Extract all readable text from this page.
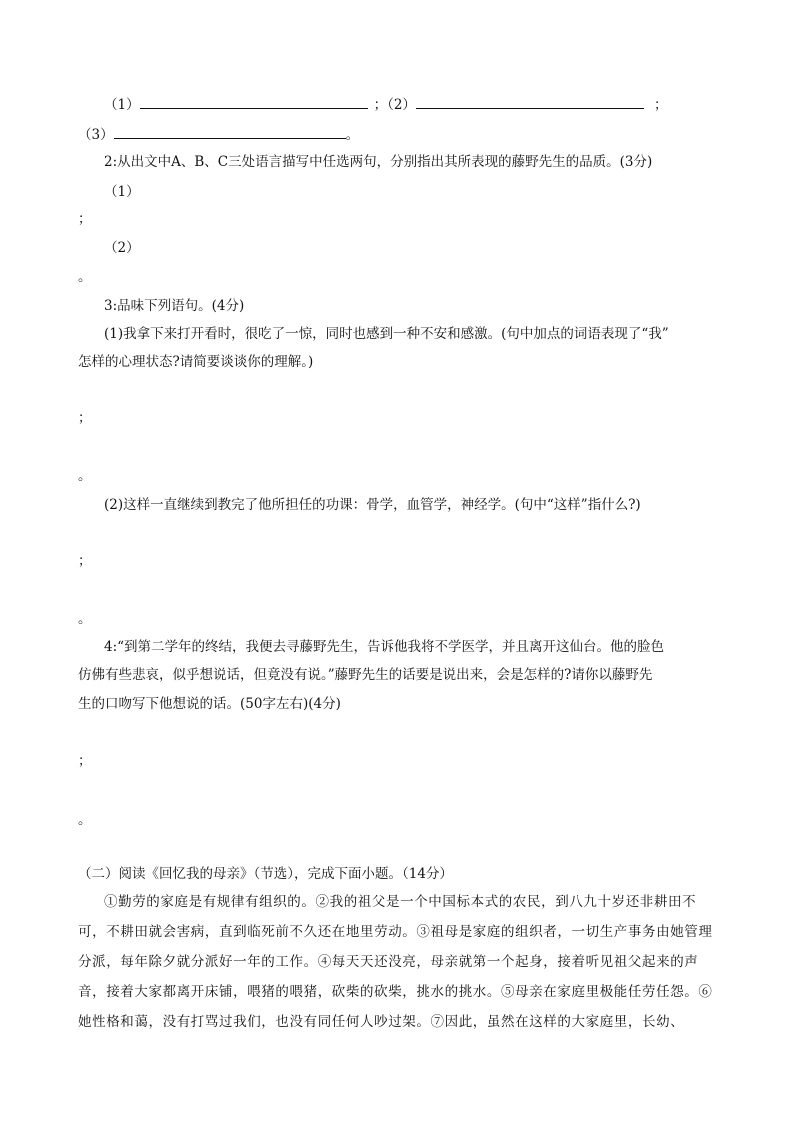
（1）	；（2）	；
（3）	。
2:从出文中A、B、C三处语言描写中任选两句，分别指出其所表现的藤野先生的品质。(3分)
（1）
；
（2）
。
3:品味下列语句。(4分)
(1)我拿下来打开看时，很吃了一惊，同时也感到一种不安和感激。(句中加点的词语表现了“我”
怎样的心理状态?请简要谈谈你的理解。)
；
。
(2)这样一直继续到教完了他所担任的功课：骨学，血管学，神经学。(句中“这样”指什么?)
；
。
4:“到第二学年的终结，我便去寻藤野先生，告诉他我将不学医学，并且离开这仙台。他的脸色
仿佛有些悲哀，似乎想说话，但竟没有说。”藤野先生的话要是说出来，会是怎样的?请你以藤野先
生的口吻写下他想说的话。(50字左右)(4分)
；
。
（二）阅读《回忆我的母亲》（节选），完成下面小题。（14分）
①勤劳的家庭是有规律有组织的。②我的祖父是一个中国标本式的农民，到八九十岁还非耕田不可，不耕田就会害病，直到临死前不久还在地里劳动。③祖母是家庭的组织者，一切生产事务由她管理分派，每年除夕就分派好一年的工作。④每天天还没亮，母亲就第一个起身，接着听见祖父起来的声音，接着大家都离开床铺，喂猪的喂猪，砍柴的砍柴，挑水的挑水。⑤母亲在家庭里极能任劳任怨。⑥她性格和蔼，没有打骂过我们，也没有同任何人吵过架。⑦因此，虽然在这样的大家庭里，长幼、
